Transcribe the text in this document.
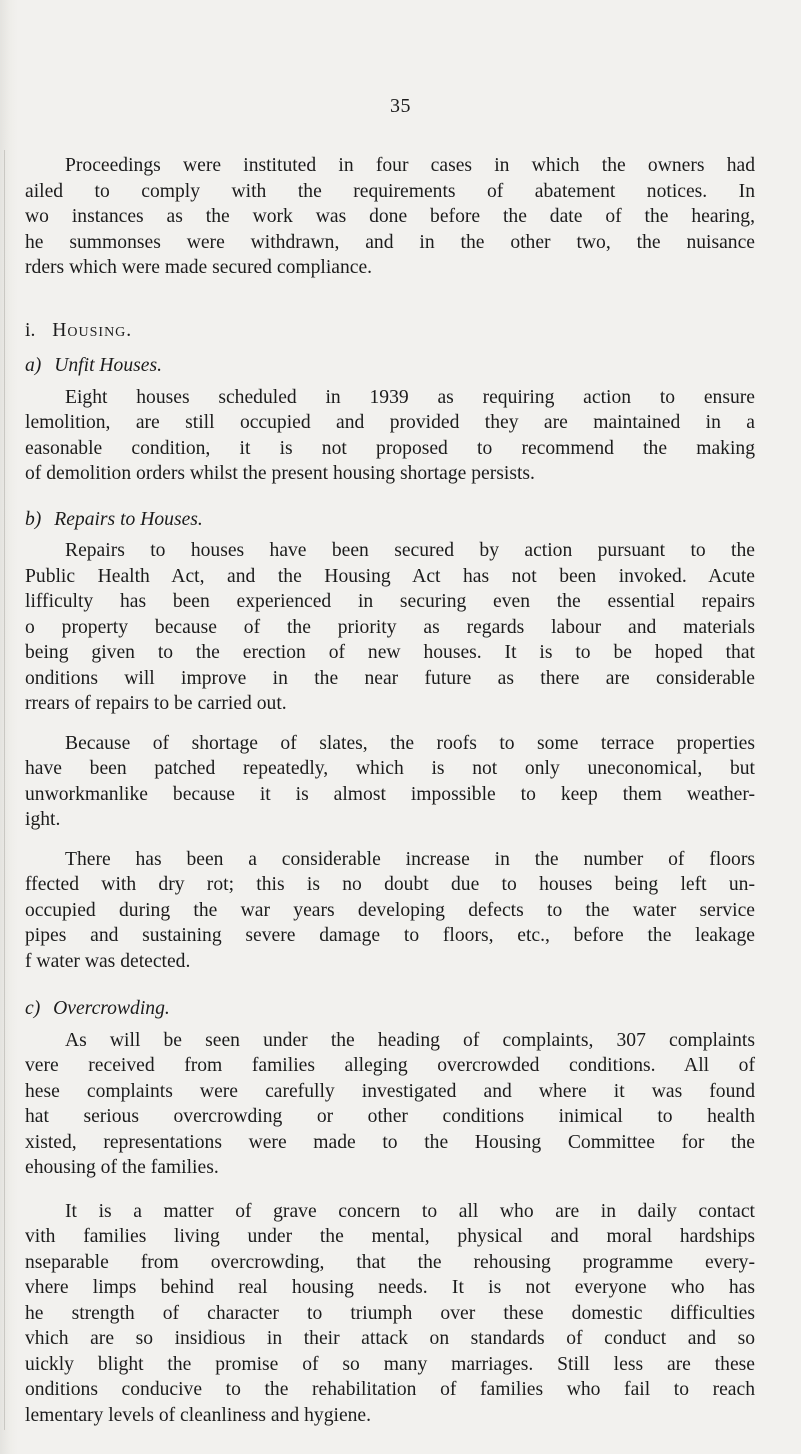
35

Proceedings were instituted in four cases in which the owners had
ailed to comply with the requirements of abatement notices. In
wo instances as the work was done before the date of the hearing,
he summonses were withdrawn, and in the other two, the nuisance
rders which were made secured compliance.

i. Housing.
a) Unfit Houses.

Eight houses scheduled in 1939 as requiring action to ensure
lemolition, are still occupied and provided they are maintained in a
easonable condition, it is not proposed to recommend the making
of demolition orders whilst the present housing shortage persists.

b) Repairs to Houses.

Repairs to houses have been secured by action pursuant to the
Public Health Act, and the Housing Act has not been invoked. Acute
lifficulty has been experienced in securing even the essential repairs
o property because of the priority as regards labour and materials
being given to the erection of new houses. It is to be hoped that
onditions will improve in the near future as there are considerable
rrears of repairs to be carried out.

Because of shortage of slates, the roofs to some terrace properties
have been patched repeatedly, which is not only uneconomical, but
unworkmanlike because it is almost impossible to keep them weather-
ight.

There has been a considerable increase in the number of floors
ffected with dry rot; this is no doubt due to houses being left un-
occupied during the war years developing defects to the water service
pipes and sustaining severe damage to floors, etc., before the leakage
f water was detected.

c) Overcrowding.

As will be seen under the heading of complaints, 307 complaints
vere received from families alleging overcrowded conditions. All of
hese complaints were carefully investigated and where it was found
hat serious overcrowding or other conditions inimical to health
xisted, representations were made to the Housing Committee for the
ehousing of the families.

It is a matter of grave concern to all who are in daily contact
vith families living under the mental, physical and moral hardships
nseparable from overcrowding, that the rehousing programme every-
vhere limps behind real housing needs. It is not everyone who has
he strength of character to triumph over these domestic difficulties
vhich are so insidious in their attack on standards of conduct and so
uickly blight the promise of so many marriages. Still less are these
onditions conducive to the rehabilitation of families who fail to reach
lementary levels of cleanliness and hygiene.
